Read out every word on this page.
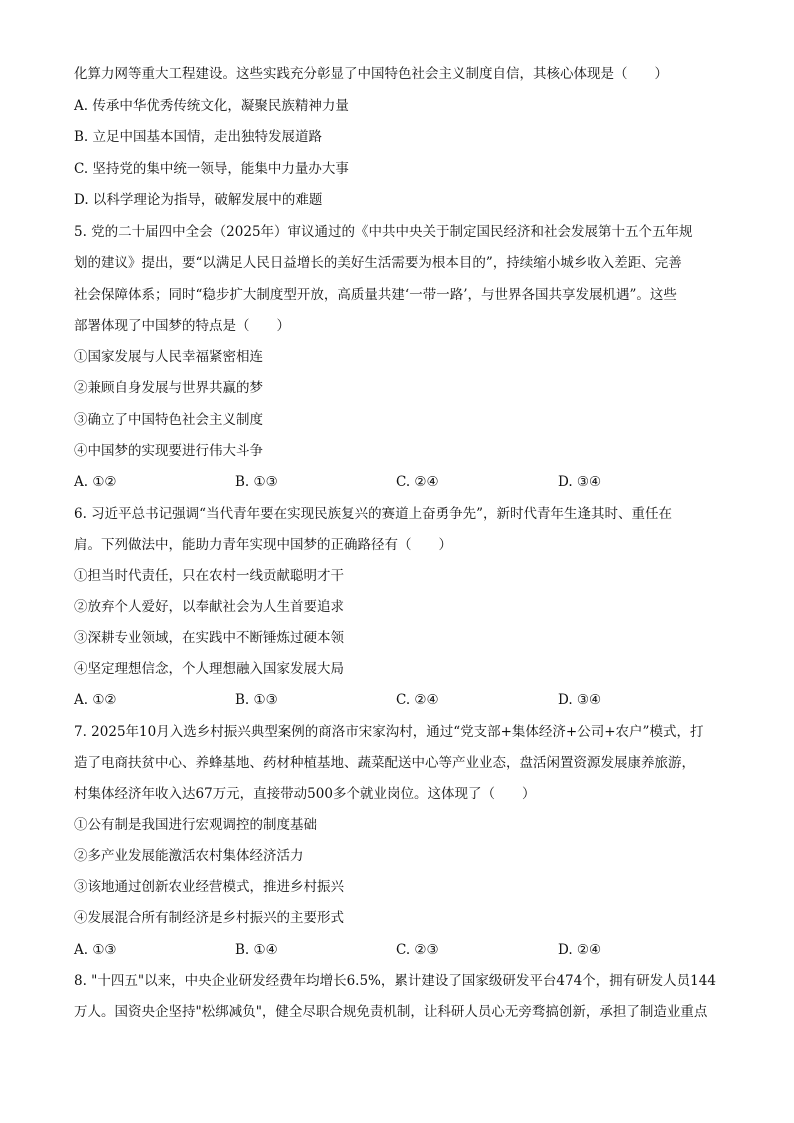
化算力网等重大工程建设。这些实践充分彰显了中国特色社会主义制度自信，其核心体现是（　　）
A. 传承中华优秀传统文化，凝聚民族精神力量
B. 立足中国基本国情，走出独特发展道路
C. 坚持党的集中统一领导，能集中力量办大事
D. 以科学理论为指导，破解发展中的难题
5. 党的二十届四中全会（2025年）审议通过的《中共中央关于制定国民经济和社会发展第十五个五年规
划的建议》提出，要“以满足人民日益增长的美好生活需要为根本目的”，持续缩小城乡收入差距、完善
社会保障体系；同时“稳步扩大制度型开放，高质量共建‘一带一路’，与世界各国共享发展机遇”。这些
部署体现了中国梦的特点是（　　）
①国家发展与人民幸福紧密相连
②兼顾自身发展与世界共赢的梦
③确立了中国特色社会主义制度
④中国梦的实现要进行伟大斗争
A. ①②	B. ①③	C. ②④	D. ③④
6. 习近平总书记强调“当代青年要在实现民族复兴的赛道上奋勇争先”，新时代青年生逢其时、重任在
肩。下列做法中，能助力青年实现中国梦的正确路径有（　　）
①担当时代责任，只在农村一线贡献聪明才干
②放弃个人爱好，以奉献社会为人生首要追求
③深耕专业领域，在实践中不断锤炼过硬本领
④坚定理想信念，个人理想融入国家发展大局
A. ①②	B. ①③	C. ②④	D. ③④
7. 2025年10月入选乡村振兴典型案例的商洛市宋家沟村，通过“党支部+集体经济+公司+农户”模式，打
造了电商扶贫中心、养蜂基地、药材种植基地、蔬菜配送中心等产业业态，盘活闲置资源发展康养旅游，
村集体经济年收入达67万元，直接带动500多个就业岗位。这体现了（　　）
①公有制是我国进行宏观调控的制度基础
②多产业发展能激活农村集体经济活力
③该地通过创新农业经营模式，推进乡村振兴
④发展混合所有制经济是乡村振兴的主要形式
A. ①③	B. ①④	C. ②③	D. ②④
8. "十四五"以来，中央企业研发经费年均增长6.5%，累计建设了国家级研发平台474个，拥有研发人员144
万人。国资央企坚持"松绑减负"，健全尽职合规免责机制，让科研人员心无旁骛搞创新，承担了制造业重点
